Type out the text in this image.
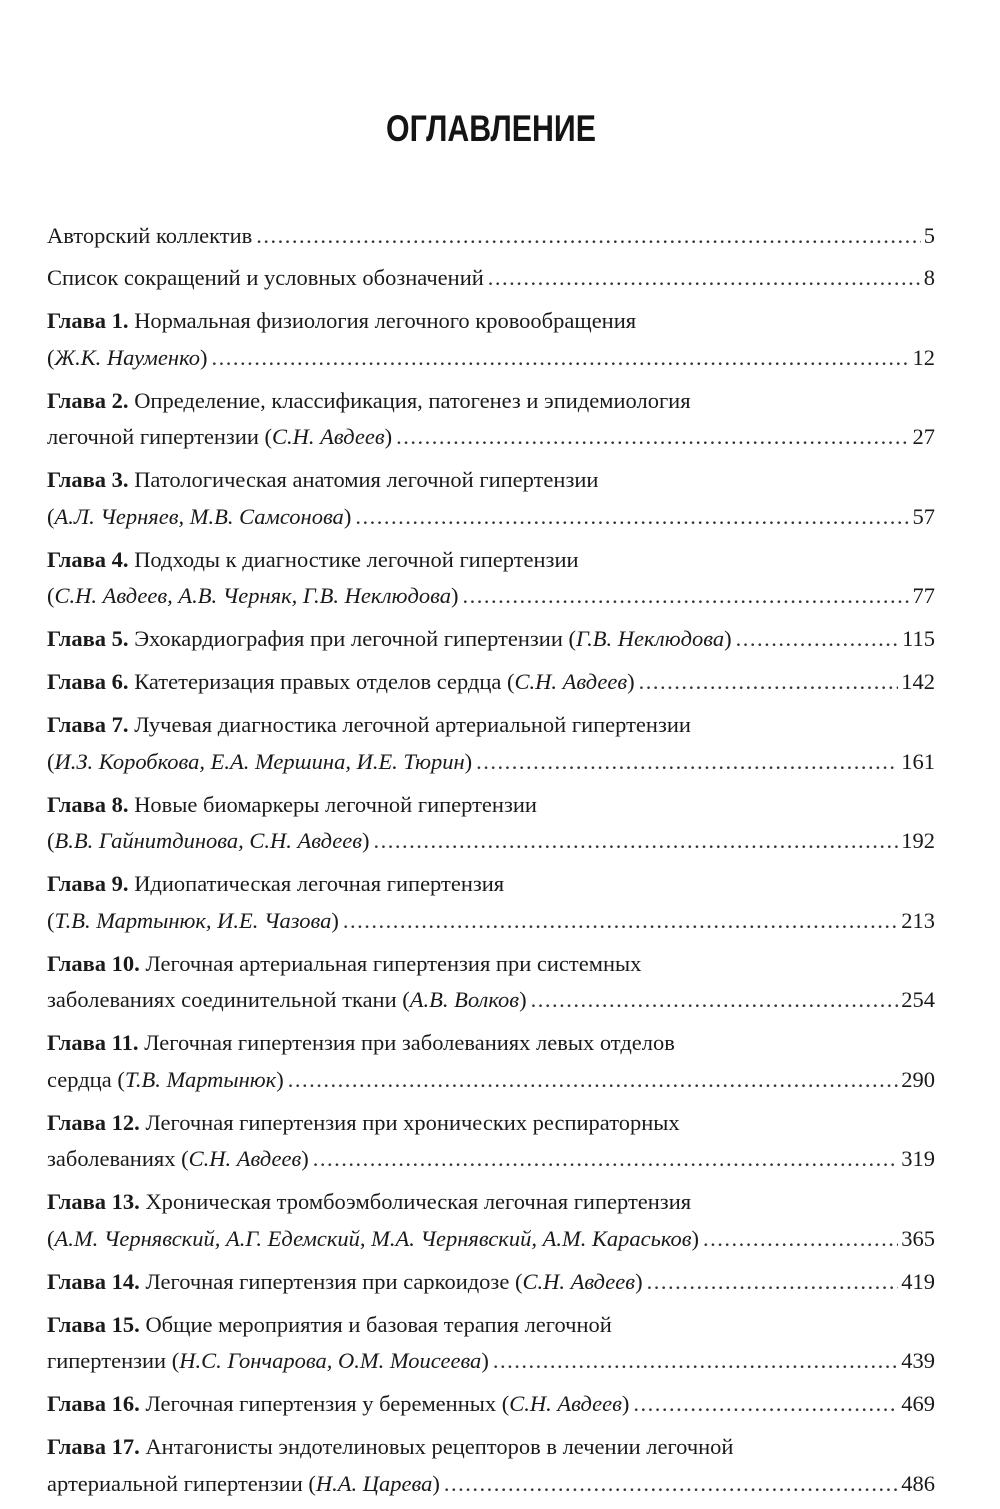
ОГЛАВЛЕНИЕ
Авторский коллектив .....	5
Список сокращений и условных обозначений .....	8
Глава 1. Нормальная физиология легочного кровообращения
( Ж.К. Науменко ) .....	12
Глава 2. Определение, классификация, патогенез и эпидемиология
легочной гипертензии ( С.Н. Авдеев ) .....	27
Глава 3. Патологическая анатомия легочной гипертензии
( А.Л. Черняев, М.В. Самсонова ) .....	57
Глава 4. Подходы к диагностике легочной гипертензии
( С.Н. Авдеев, А.В. Черняк, Г.В. Неклюдова ) .....	77
Глава 5.
Эхокардиография при легочной гипертензии ( Г.В. Неклюдова ) .....	115
Глава 6.
Катетеризация правых отделов сердца ( С.Н. Авдеев ) .....	142
Глава 7. Лучевая диагностика легочной артериальной гипертензии
( И.З. Коробкова, Е.А. Мершина, И.Е. Тюрин ) .....	161
Глава 8. Новые биомаркеры легочной гипертензии
( В.В. Гайнитдинова, С.Н. Авдеев ) .....	192
Глава 9. Идиопатическая легочная гипертензия
( Т.В. Мартынюк, И.Е. Чазова ) .....	213
Глава 10. Легочная артериальная гипертензия при системных
заболеваниях соединительной ткани ( А.В. Волков ) .....	254
Глава 11. Легочная гипертензия при заболеваниях левых отделов
сердца ( Т.В. Мартынюк ) .....	290
Глава 12. Легочная гипертензия при хронических респираторных
заболеваниях ( С.Н. Авдеев ) .....	319
Глава 13. Хроническая тромбоэмболическая легочная гипертензия
( А.М. Чернявский, А.Г. Едемский, М.А. Чернявский, А.М. Караськов ) .....	365
Глава 14.
Легочная гипертензия при саркоидозе ( С.Н. Авдеев ) .....	419
Глава 15. Общие мероприятия и базовая терапия легочной
гипертензии ( Н.С. Гончарова, О.М. Моисеева ) .....	439
Глава 16.
Легочная гипертензия у беременных ( С.Н. Авдеев ) .....	469
Глава 17. Антагонисты эндотелиновых рецепторов в лечении легочной
артериальной гипертензии ( Н.А. Царева ) .....	486
